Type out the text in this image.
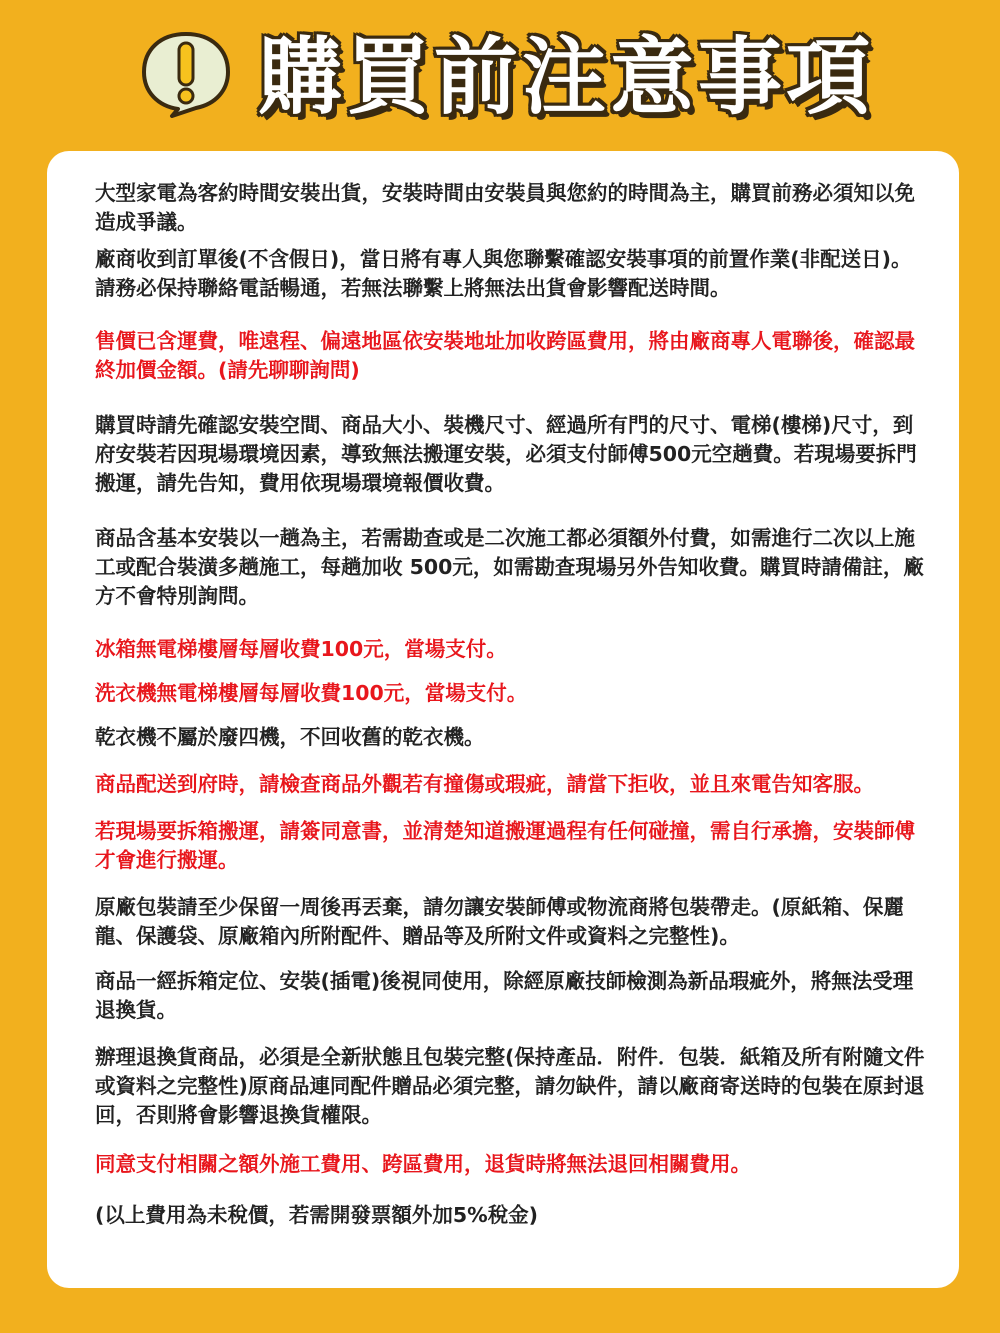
購買前注意事項

大型家電為客約時間安裝出貨，安裝時間由安裝員與您約的時間為主，購買前務必須知以免造成爭議。

廠商收到訂單後(不含假日)，當日將有專人與您聯繫確認安裝事項的前置作業(非配送日)。請務必保持聯絡電話暢通，若無法聯繫上將無法出貨會影響配送時間。

售價已含運費，唯遠程、偏遠地區依安裝地址加收跨區費用，將由廠商專人電聯後，確認最終加價金額。(請先聊聊詢問)

購買時請先確認安裝空間、商品大小、裝機尺寸、經過所有門的尺寸、電梯(樓梯)尺寸，到府安裝若因現場環境因素，導致無法搬運安裝，必須支付師傅500元空趟費。若現場要拆門搬運，請先告知，費用依現場環境報價收費。

商品含基本安裝以一趟為主，若需勘查或是二次施工都必須額外付費，如需進行二次以上施工或配合裝潢多趟施工，每趟加收 500元，如需勘查現場另外告知收費。購買時請備註，廠方不會特別詢問。

冰箱無電梯樓層每層收費100元，當場支付。

洗衣機無電梯樓層每層收費100元，當場支付。

乾衣機不屬於廢四機，不回收舊的乾衣機。

商品配送到府時，請檢查商品外觀若有撞傷或瑕疵，請當下拒收，並且來電告知客服。

若現場要拆箱搬運，請簽同意書，並清楚知道搬運過程有任何碰撞，需自行承擔，安裝師傅才會進行搬運。

原廠包裝請至少保留一周後再丟棄，請勿讓安裝師傅或物流商將包裝帶走。(原紙箱、保麗龍、保護袋、原廠箱內所附配件、贈品等及所附文件或資料之完整性)。

商品一經拆箱定位、安裝(插電)後視同使用，除經原廠技師檢測為新品瑕疵外，將無法受理退換貨。

辦理退換貨商品，必須是全新狀態且包裝完整(保持產品．附件．包裝．紙箱及所有附隨文件或資料之完整性)原商品連同配件贈品必須完整，請勿缺件，請以廠商寄送時的包裝在原封退回，否則將會影響退換貨權限。

同意支付相關之額外施工費用、跨區費用，退貨時將無法退回相關費用。

(以上費用為未稅價，若需開發票額外加5%稅金)
